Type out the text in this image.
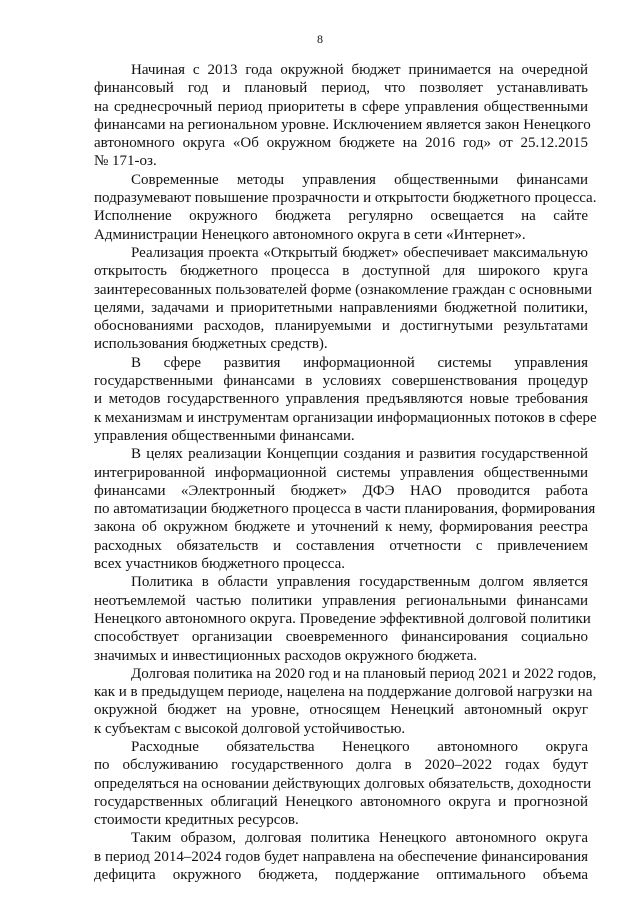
8
Начиная с 2013 года окружной бюджет принимается на очередной
финансовый год и плановый период, что позволяет устанавливать
на среднесрочный период приоритеты в сфере управления общественными
финансами на региональном уровне. Исключением является закон Ненецкого
автономного округа «Об окружном бюджете на 2016 год» от 25.12.2015
№ 171-оз.
Современные методы управления общественными финансами
подразумевают повышение прозрачности и открытости бюджетного процесса.
Исполнение окружного бюджета регулярно освещается на сайте
Администрации Ненецкого автономного округа в сети «Интернет».
Реализация проекта «Открытый бюджет» обеспечивает максимальную
открытость бюджетного процесса в доступной для широкого круга
заинтересованных пользователей форме (ознакомление граждан с основными
целями, задачами и приоритетными направлениями бюджетной политики,
обоснованиями расходов, планируемыми и достигнутыми результатами
использования бюджетных средств).
В сфере развития информационной системы управления
государственными финансами в условиях совершенствования процедур
и методов государственного управления предъявляются новые требования
к механизмам и инструментам организации информационных потоков в сфере
управления общественными финансами.
В целях реализации Концепции создания и развития государственной
интегрированной информационной системы управления общественными
финансами «Электронный бюджет» ДФЭ НАО проводится работа
по автоматизации бюджетного процесса в части планирования, формирования
закона об окружном бюджете и уточнений к нему, формирования реестра
расходных обязательств и составления отчетности с привлечением
всех участников бюджетного процесса.
Политика в области управления государственным долгом является
неотъемлемой частью политики управления региональными финансами
Ненецкого автономного округа. Проведение эффективной долговой политики
способствует организации своевременного финансирования социально
значимых и инвестиционных расходов окружного бюджета.
Долговая политика на 2020 год и на плановый период 2021 и 2022 годов,
как и в предыдущем периоде, нацелена на поддержание долговой нагрузки на
окружной бюджет на уровне, относящем Ненецкий автономный округ
к субъектам с высокой долговой устойчивостью.
Расходные обязательства Ненецкого автономного округа
по обслуживанию государственного долга в 2020–2022 годах будут
определяться на основании действующих долговых обязательств, доходности
государственных облигаций Ненецкого автономного округа и прогнозной
стоимости кредитных ресурсов.
Таким образом, долговая политика Ненецкого автономного округа
в период 2014–2024 годов будет направлена на обеспечение финансирования
дефицита окружного бюджета, поддержание оптимального объема
